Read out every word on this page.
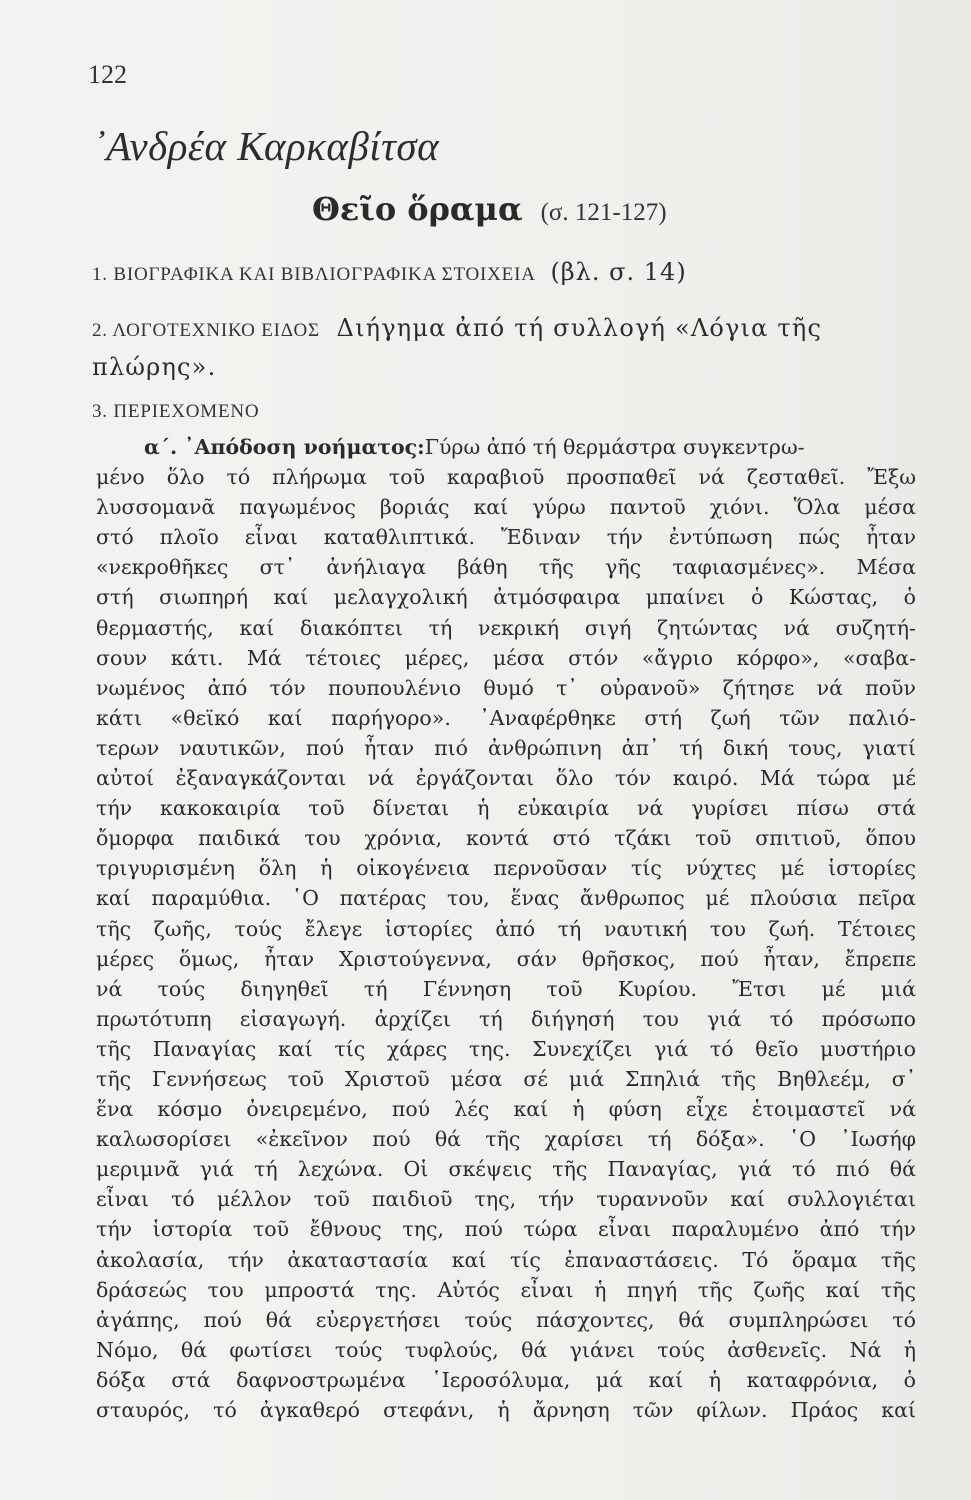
122
᾽Ανδρέα Καρκαβίτσα
Θεῖο ὅραμα (σ. 121-127)
1. ΒΙΟΓΡΑΦΙΚΑ ΚΑΙ ΒΙΒΛΙΟΓΡΑΦΙΚΑ ΣΤΟΙΧΕΙΑ (βλ. σ. 14)
2. ΛΟΓΟΤΕΧΝΙΚΟ ΕΙΔΟΣ Διήγημα ἀπό τή συλλογή «Λόγια τῆς
πλώρης».
3. ΠΕΡΙΕΧΟΜΕΝΟ
α΄. ᾽Απόδοση νοήματος:Γύρω ἀπό τή θερμάστρα συγκεντρω-
μένο ὅλο τό πλήρωμα τοῦ καραβιοῦ προσπαθεῖ νά ζεσταθεῖ. Ἔξω
λυσσομανᾶ παγωμένος βοριάς καί γύρω παντοῦ χιόνι. Ὅλα μέσα
στό πλοῖο εἶναι καταθλιπτικά. Ἔδιναν τήν ἐντύπωση πώς ἦταν
«νεκροθῆκες στ᾽ ἀνήλιαγα βάθη τῆς γῆς ταφιασμένες». Μέσα
στή σιωπηρή καί μελαγχολική ἀτμόσφαιρα μπαίνει ὁ Κώστας, ὁ
θερμαστής, καί διακόπτει τή νεκρική σιγή ζητώντας νά συζητή-
σουν κάτι. Μά τέτοιες μέρες, μέσα στόν «ἄγριο κόρφο», «σαβα-
νωμένος ἀπό τόν πουπουλένιο θυμό τ᾽ οὐρανοῦ» ζήτησε νά ποῦν
κάτι «θεϊκό καί παρήγορο». ᾽Αναφέρθηκε στή ζωή τῶν παλιό-
τερων ναυτικῶν, πού ἦταν πιό ἀνθρώπινη ἀπ᾽ τή δική τους, γιατί
αὐτοί ἐξαναγκάζονται νά ἐργάζονται ὅλο τόν καιρό. Μά τώρα μέ
τήν κακοκαιρία τοῦ δίνεται ἡ εὐκαιρία νά γυρίσει πίσω στά
ὄμορφα παιδικά του χρόνια, κοντά στό τζάκι τοῦ σπιτιοῦ, ὅπου
τριγυρισμένη ὅλη ἡ οἰκογένεια περνοῦσαν τίς νύχτες μέ ἱστορίες
καί παραμύθια. ῾Ο πατέρας του, ἕνας ἄνθρωπος μέ πλούσια πεῖρα
τῆς ζωῆς, τούς ἔλεγε ἱστορίες ἀπό τή ναυτική του ζωή. Τέτοιες
μέρες ὅμως, ἦταν Χριστούγεννα, σάν θρῆσκος, πού ἦταν, ἔπρεπε
νά τούς διηγηθεῖ τή Γέννηση τοῦ Κυρίου. Ἔτσι μέ μιά
πρωτότυπη εἰσαγωγή. ἀρχίζει τή διήγησή του γιά τό πρόσωπο
τῆς Παναγίας καί τίς χάρες της. Συνεχίζει γιά τό θεῖο μυστήριο
τῆς Γεννήσεως τοῦ Χριστοῦ μέσα σέ μιά Σπηλιά τῆς Βηθλεέμ, σ᾽
ἕνα κόσμο ὀνειρεμένο, πού λές καί ἡ φύση εἶχε ἑτοιμαστεῖ νά
καλωσορίσει «ἐκεῖνον πού θά τῆς χαρίσει τή δόξα». ῾Ο ᾽Ιωσήφ
μεριμνᾶ γιά τή λεχώνα. Οἱ σκέψεις τῆς Παναγίας, γιά τό πιό θά
εἶναι τό μέλλον τοῦ παιδιοῦ της, τήν τυραννοῦν καί συλλογιέται
τήν ἱστορία τοῦ ἔθνους της, πού τώρα εἶναι παραλυμένο ἀπό τήν
ἀκολασία, τήν ἀκαταστασία καί τίς ἐπαναστάσεις. Τό ὅραμα τῆς
δράσεώς του μπροστά της. Αὐτός εἶναι ἡ πηγή τῆς ζωῆς καί τῆς
ἀγάπης, πού θά εὐεργετήσει τούς πάσχοντες, θά συμπληρώσει τό
Νόμο, θά φωτίσει τούς τυφλούς, θά γιάνει τούς ἀσθενεῖς. Νά ἡ
δόξα στά δαφνοστρωμένα ῾Ιεροσόλυμα, μά καί ἡ καταφρόνια, ὁ
σταυρός, τό ἀγκαθερό στεφάνι, ἡ ἄρνηση τῶν φίλων. Πράος καί
